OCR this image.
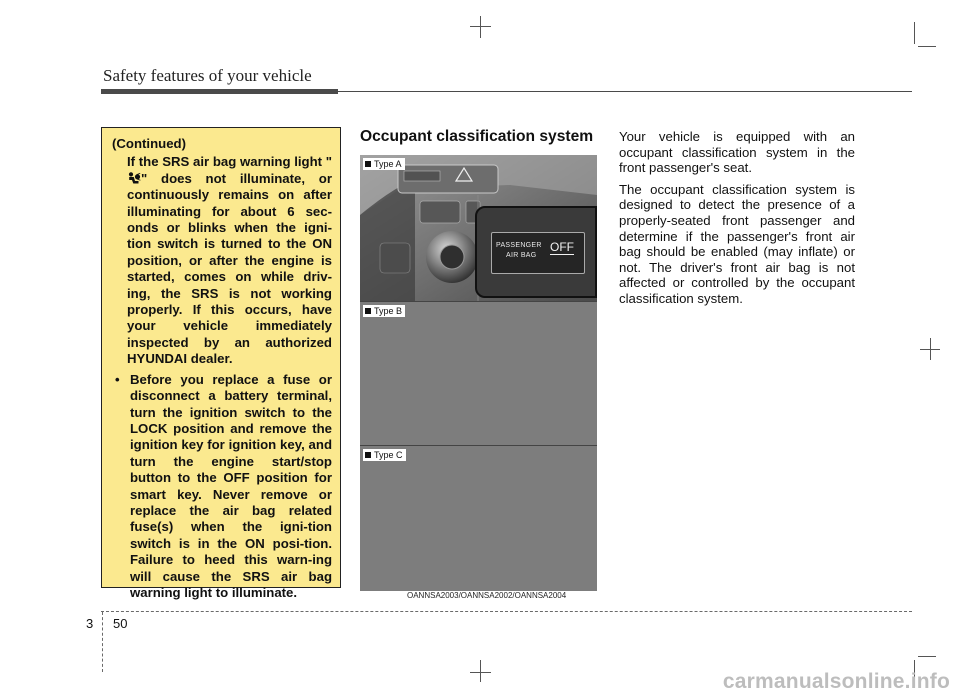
Safety features of your vehicle

(Continued)

If the SRS air bag warning light "" does not illuminate, or continuously remains on after illuminating for about 6 sec-onds or blinks when the igni-tion switch is turned to the ON position, or after the engine is started, comes on while driv-ing, the SRS is not working properly. If this occurs, have your vehicle immediately inspected by an authorized HYUNDAI dealer.

• Before you replace a fuse or disconnect a battery terminal, turn the ignition switch to the LOCK position and remove the ignition key for ignition key, and turn the engine start/stop button to the OFF position for smart key. Never remove or replace the air bag related fuse(s) when the igni-tion switch is in the ON posi-tion. Failure to heed this warn-ing will cause the SRS air bag warning light to illuminate.
Occupant classification system
PASSENGER
AIR BAG
OFF
Type A
Type B
Type C
OANNSA2003/OANNSA2002/OANNSA2004

Your vehicle is equipped with an occupant classification system in the front passenger's seat.

The occupant classification system is designed to detect the presence of a properly-seated front passenger and determine if the passenger's front air bag should be enabled (may inflate) or not. The driver's front air bag is not affected or controlled by the occupant classification system.

3 50
carmanualsonline.info
